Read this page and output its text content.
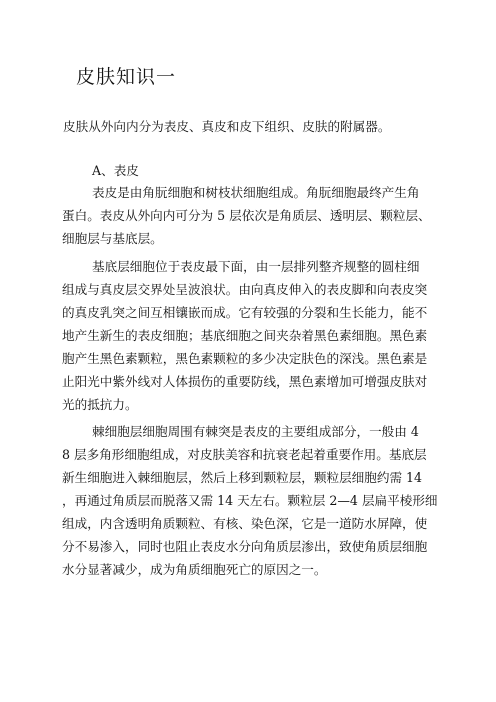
皮肤知识一

皮肤从外向内分为表皮、真皮和皮下组织、皮肤的附属器。

A、表皮

表皮是由角朊细胞和树枝状细胞组成。角朊细胞最终产生角

蛋白。表皮从外向内可分为 5 层依次是角质层、透明层、颗粒层、

细胞层与基底层。

基底层细胞位于表皮最下面，由一层排列整齐规整的圆柱细

组成与真皮层交界处呈波浪状。由向真皮伸入的表皮脚和向表皮突

的真皮乳突之间互相镶嵌而成。它有较强的分裂和生长能力，能不

地产生新生的表皮细胞；基底细胞之间夹杂着黑色素细胞。黑色素

胞产生黑色素颗粒，黑色素颗粒的多少决定肤色的深浅。黑色素是

止阳光中紫外线对人体损伤的重要防线，黑色素增加可增强皮肤对

光的抵抗力。

棘细胞层细胞周围有棘突是表皮的主要组成部分，一般由 4

8 层多角形细胞组成，对皮肤美容和抗衰老起着重要作用。基底层

新生细胞进入棘细胞层，然后上移到颗粒层，颗粒层细胞约需 14

，再通过角质层而脱落又需 14 天左右。颗粒层 2—4 层扁平棱形细

组成，内含透明角质颗粒、有核、染色深，它是一道防水屏障，使

分不易渗入，同时也阻止表皮水分向角质层渗出，致使角质层细胞

水分显著减少，成为角质细胞死亡的原因之一。
